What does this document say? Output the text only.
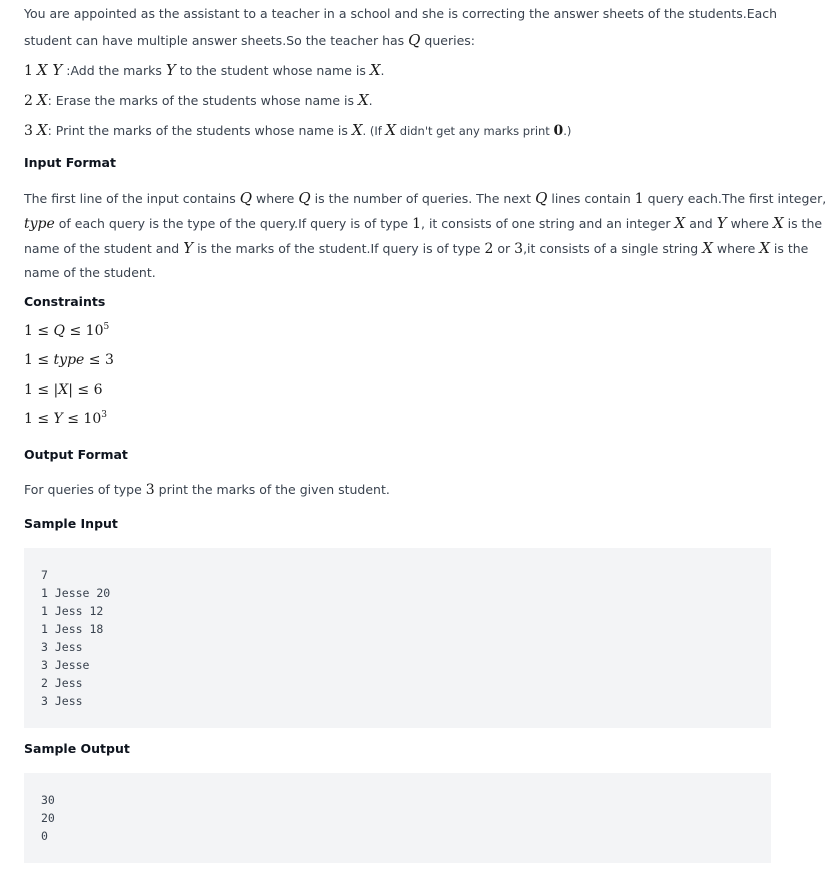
You are appointed as the assistant to a teacher in a school and she is correcting the answer sheets of the students.Each
student can have multiple answer sheets.So the teacher has Q queries:
1 X Y :Add the marks Y to the student whose name is X.
2 X: Erase the marks of the students whose name is X.
3 X: Print the marks of the students whose name is X. (If X didn't get any marks print 0.)
Input Format
The first line of the input contains Q where Q is the number of queries. The next Q lines contain 1 query each.The first integer,
type of each query is the type of the query.If query is of type 1, it consists of one string and an integer X and Y where X is the
name of the student and Y is the marks of the student.If query is of type 2 or 3,it consists of a single string X where X is the
name of the student.
Constraints
$1 \le Q \le 10^5$
1 ≤ type ≤ 3
1 ≤ |X| ≤ 6
$1 \le Y \le 10^3$
Output Format
For queries of type 3 print the marks of the given student.
Sample Input
7
1 Jesse 20
1 Jess 12
1 Jess 18
3 Jess
3 Jesse
2 Jess
3 Jess
Sample Output
30
20
0
